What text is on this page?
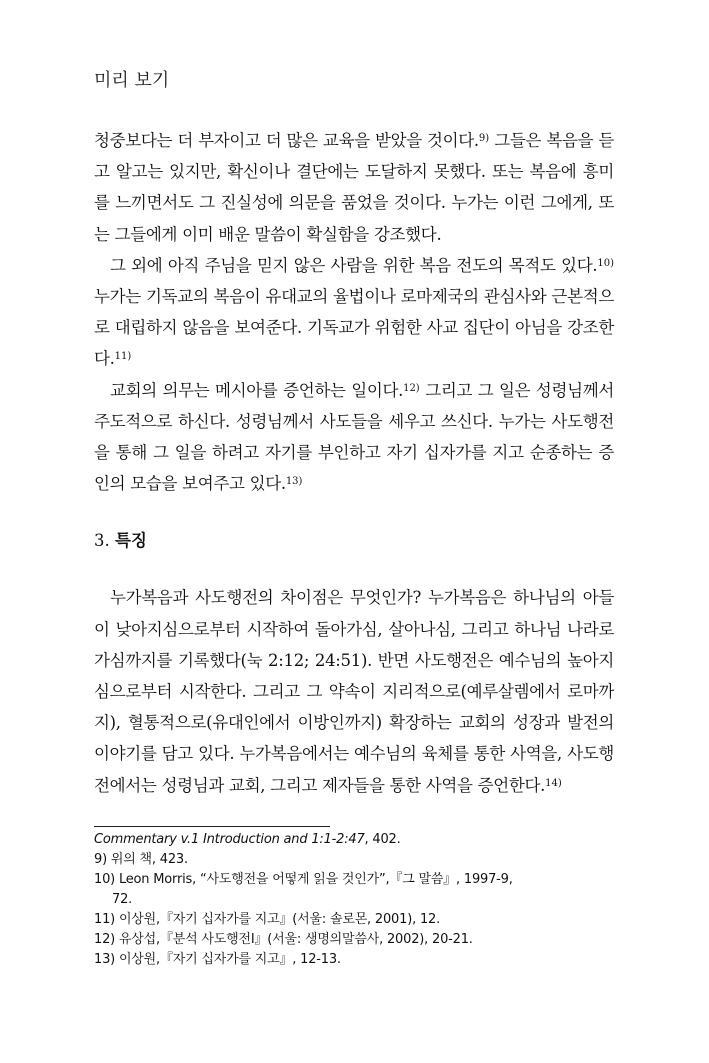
미리 보기

청중보다는 더 부자이고 더 많은 교육을 받았을 것이다.$^{9)}$ 그들은 복음을 듣고 알고는 있지만, 확신이나 결단에는 도달하지 못했다. 또는 복음에 흥미를 느끼면서도 그 진실성에 의문을 품었을 것이다. 누가는 이런 그에게, 또는 그들에게 이미 배운 말씀이 확실함을 강조했다.

그 외에 아직 주님을 믿지 않은 사람을 위한 복음 전도의 목적도 있다.$^{10)}$ 누가는 기독교의 복음이 유대교의 율법이나 로마제국의 관심사와 근본적으로 대립하지 않음을 보여준다. 기독교가 위험한 사교 집단이 아님을 강조한다.$^{11)}$

교회의 의무는 메시아를 증언하는 일이다.$^{12)}$ 그리고 그 일은 성령님께서 주도적으로 하신다. 성령님께서 사도들을 세우고 쓰신다. 누가는 사도행전을 통해 그 일을 하려고 자기를 부인하고 자기 십자가를 지고 순종하는 증인의 모습을 보여주고 있다.$^{13)}$

3. 특징

누가복음과 사도행전의 차이점은 무엇인가? 누가복음은 하나님의 아들이 낮아지심으로부터 시작하여 돌아가심, 살아나심, 그리고 하나님 나라로 가심까지를 기록했다(눅 2:12; 24:51). 반면 사도행전은 예수님의 높아지심으로부터 시작한다. 그리고 그 약속이 지리적으로(예루살렘에서 로마까지), 혈통적으로(유대인에서 이방인까지) 확장하는 교회의 성장과 발전의 이야기를 담고 있다. 누가복음에서는 예수님의 육체를 통한 사역을, 사도행전에서는 성령님과 교회, 그리고 제자들을 통한 사역을 증언한다.$^{14)}$

Commentary v.1 Introduction and 1:1-2:47, 402.
9) 위의 책, 423.
10) Leon Morris, “사도행전을 어떻게 읽을 것인가”,『그 말씀』, 1997-9,
72.
11) 이상원,『자기 십자가를 지고』(서울: 솔로몬, 2001), 12.
12) 유상섭,『분석 사도행전I』(서울: 생명의말씀사, 2002), 20-21.
13) 이상원,『자기 십자가를 지고』, 12-13.
